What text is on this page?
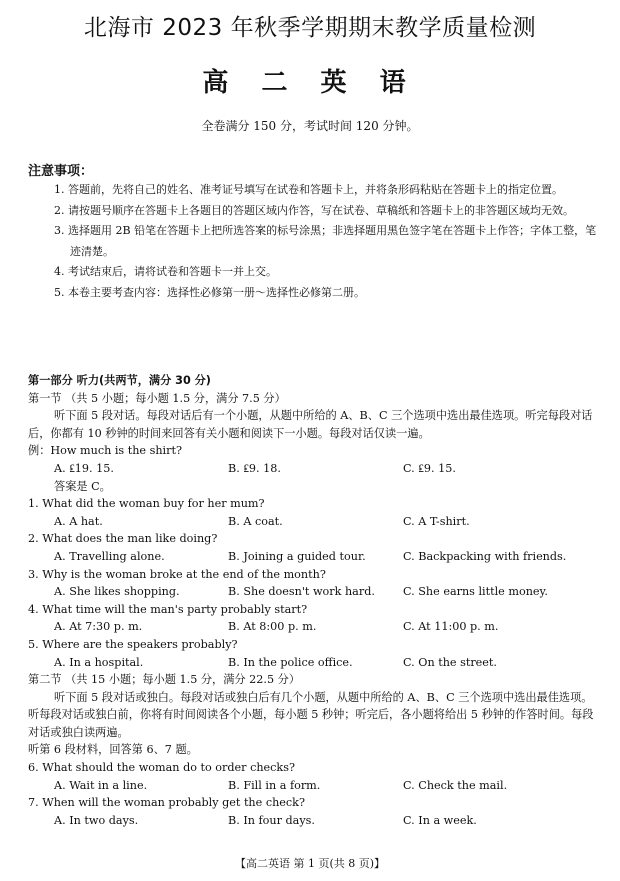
北海市 2023 年秋季学期期末教学质量检测
高 二 英 语
全卷满分 150 分，考试时间 120 分钟。
注意事项：
1. 答题前，先将自己的姓名、准考证号填写在试卷和答题卡上，并将条形码粘贴在答题卡上的指定位置。
2. 请按题号顺序在答题卡上各题目的答题区域内作答，写在试卷、草稿纸和答题卡上的非答题区域均无效。
3. 选择题用 2B 铅笔在答题卡上把所选答案的标号涂黑；非选择题用黑色签字笔在答题卡上作答；字体工整，笔迹清楚。
4. 考试结束后，请将试卷和答题卡一并上交。
5. 本卷主要考查内容：选择性必修第一册～选择性必修第二册。
第一部分 听力(共两节，满分 30 分)
第一节 （共 5 小题；每小题 1.5 分，满分 7.5 分）
听下面 5 段对话。每段对话后有一个小题，从题中所给的 A、B、C 三个选项中选出最佳选项。听完每段对话后，你都有 10 秒钟的时间来回答有关小题和阅读下一小题。每段对话仅读一遍。
例：How much is the shirt?
A. ₤19. 15.	B. ₤9. 18.	C. ₤9. 15.
答案是 C。
1. What did the woman buy for her mum?
A. A hat.	B. A coat.	C. A T-shirt.
2. What does the man like doing?
A. Travelling alone.	B. Joining a guided tour.	C. Backpacking with friends.
3. Why is the woman broke at the end of the month?
A. She likes shopping.	B. She doesn't work hard.	C. She earns little money.
4. What time will the man's party probably start?
A. At 7:30 p. m.	B. At 8:00 p. m.	C. At 11:00 p. m.
5. Where are the speakers probably?
A. In a hospital.	B. In the police office.	C. On the street.
第二节 （共 15 小题；每小题 1.5 分，满分 22.5 分）
听下面 5 段对话或独白。每段对话或独白后有几个小题，从题中所给的 A、B、C 三个选项中选出最佳选项。听每段对话或独白前，你将有时间阅读各个小题，每小题 5 秒钟；听完后，各小题将给出 5 秒钟的作答时间。每段对话或独白读两遍。
听第 6 段材料，回答第 6、7 题。
6. What should the woman do to order checks?
A. Wait in a line.	B. Fill in a form.	C. Check the mail.
7. When will the woman probably get the check?
A. In two days.	B. In four days.	C. In a week.
【高二英语 第 1 页(共 8 页)】
